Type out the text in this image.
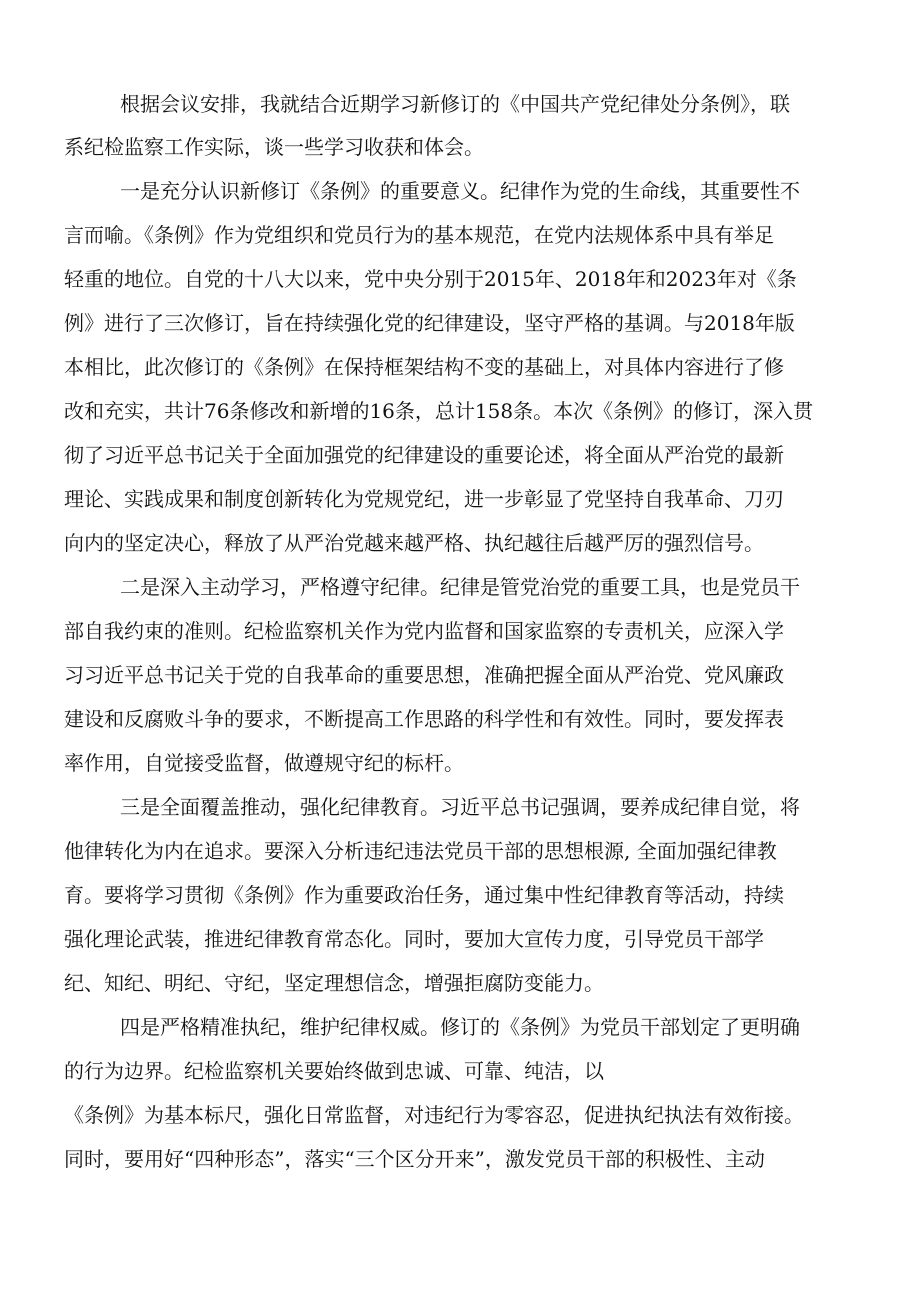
根据会议安排，我就结合近期学习新修订的《中国共产党纪律处分条例》，联
系纪检监察工作实际，谈一些学习收获和体会。
一是充分认识新修订《条例》的重要意义。纪律作为党的生命线，其重要性不
言而喻。《条例》作为党组织和党员行为的基本规范，在党内法规体系中具有举足
轻重的地位。自党的十八大以来，党中央分别于2015年、2018年和2023年对《条
例》进行了三次修订，旨在持续强化党的纪律建设，坚守严格的基调。与2018年版
本相比，此次修订的《条例》在保持框架结构不变的基础上，对具体内容进行了修
改和充实，共计76条修改和新增的16条，总计158条。本次《条例》的修订，深入贯
彻了习近平总书记关于全面加强党的纪律建设的重要论述，将全面从严治党的最新
理论、实践成果和制度创新转化为党规党纪，进一步彰显了党坚持自我革命、刀刃
向内的坚定决心，释放了从严治党越来越严格、执纪越往后越严厉的强烈信号。
二是深入主动学习，严格遵守纪律。纪律是管党治党的重要工具，也是党员干
部自我约束的准则。纪检监察机关作为党内监督和国家监察的专责机关，应深入学
习习近平总书记关于党的自我革命的重要思想，准确把握全面从严治党、党风廉政
建设和反腐败斗争的要求，不断提高工作思路的科学性和有效性。同时，要发挥表
率作用，自觉接受监督，做遵规守纪的标杆。
三是全面覆盖推动，强化纪律教育。习近平总书记强调，要养成纪律自觉，将
他律转化为内在追求。要深入分析违纪违法党员干部的思想根源, 全面加强纪律教
育。要将学习贯彻《条例》作为重要政治任务，通过集中性纪律教育等活动，持续
强化理论武装，推进纪律教育常态化。同时，要加大宣传力度，引导党员干部学
纪、知纪、明纪、守纪，坚定理想信念，增强拒腐防变能力。
四是严格精准执纪，维护纪律权威。修订的《条例》为党员干部划定了更明确
的行为边界。纪检监察机关要始终做到忠诚、可靠、纯洁，以
《条例》为基本标尺，强化日常监督，对违纪行为零容忍，促进执纪执法有效衔接。
同时，要用好“四种形态”，落实“三个区分开来”，激发党员干部的积极性、主动
